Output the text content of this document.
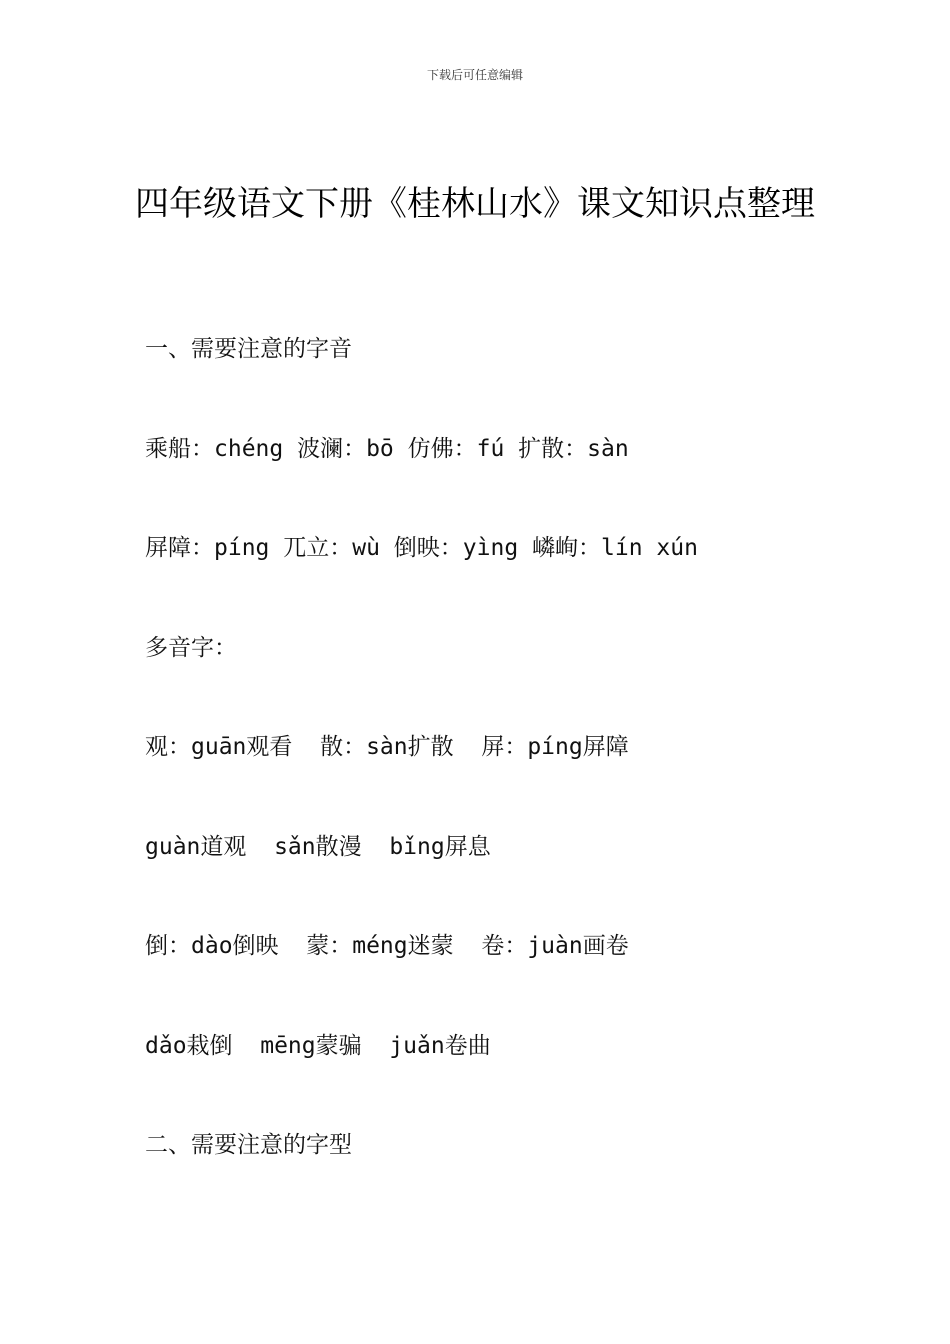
下载后可任意编辑
四年级语文下册《桂林山水》课文知识点整理
一、需要注意的字音
乘船：chéng 波澜：bō 仿佛：fú 扩散：sàn
屏障：píng 兀立：wù 倒映：yìng 嶙峋：lín xún
多音字：
观：guān观看  散：sàn扩散  屏：píng屏障
guàn道观  sǎn散漫  bǐng屏息
倒：dào倒映  蒙：méng迷蒙  卷：juàn画卷
dǎo栽倒  mēng蒙骗  juǎn卷曲
二、需要注意的字型
